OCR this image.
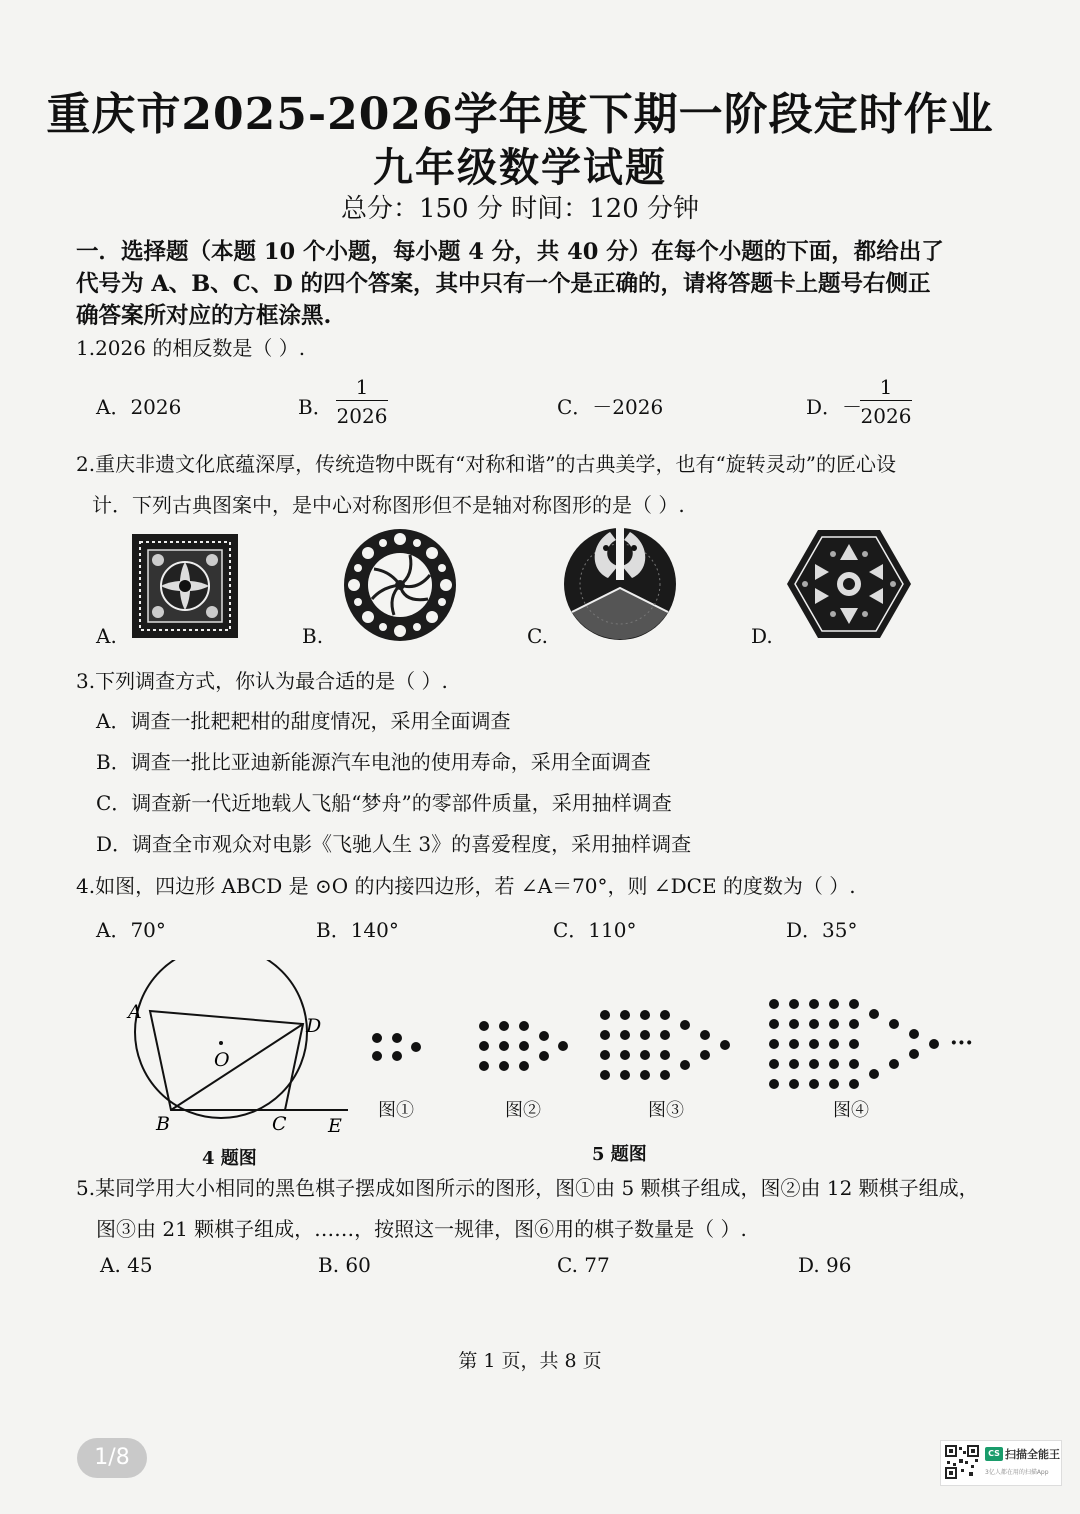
重庆市2025-2026学年度下期一阶段定时作业
九年级数学试题
总分：150 分 时间：120 分钟
一．选择题（本题 10 个小题，每小题 4 分，共 40 分）在每个小题的下面，都给出了
代号为 A、B、C、D 的四个答案，其中只有一个是正确的，请将答题卡上题号右侧正
确答案所对应的方框涂黑.
1.2026 的相反数是（ ）.
A．2026	B．
1
2026	C．－2026	D．－
1
2026
2.重庆非遗文化底蕴深厚，传统造物中既有“对称和谐”的古典美学，也有“旋转灵动”的匠心设
计．下列古典图案中，是中心对称图形但不是轴对称图形的是（ ）.
A.	B.	C.	D.
3.下列调查方式，你认为最合适的是（ ）.
A．调查一批耙耙柑的甜度情况，采用全面调查
B．调查一批比亚迪新能源汽车电池的使用寿命，采用全面调查
C．调查新一代近地载人飞船“梦舟”的零部件质量，采用抽样调查
D．调查全市观众对电影《飞驰人生 3》的喜爱程度，采用抽样调查
4.如图，四边形 ABCD 是 ⊙O 的内接四边形，若 ∠A＝70°，则 ∠DCE 的度数为（ ）.
A．70°	B．140°	C．110°	D．35°
A
D
B	C E
O
4 题图
···
图①	图②	图③	图④
5 题图
5.某同学用大小相同的黑色棋子摆成如图所示的图形，图①由 5 颗棋子组成，图②由 12 颗棋子组成，
图③由 21 颗棋子组成，……，按照这一规律，图⑥用的棋子数量是（ ）.
A. 45	B. 60	C. 77	D. 96
第 1 页，共 8 页
1/8	CS 扫描全能王
3亿人都在用的扫描App
